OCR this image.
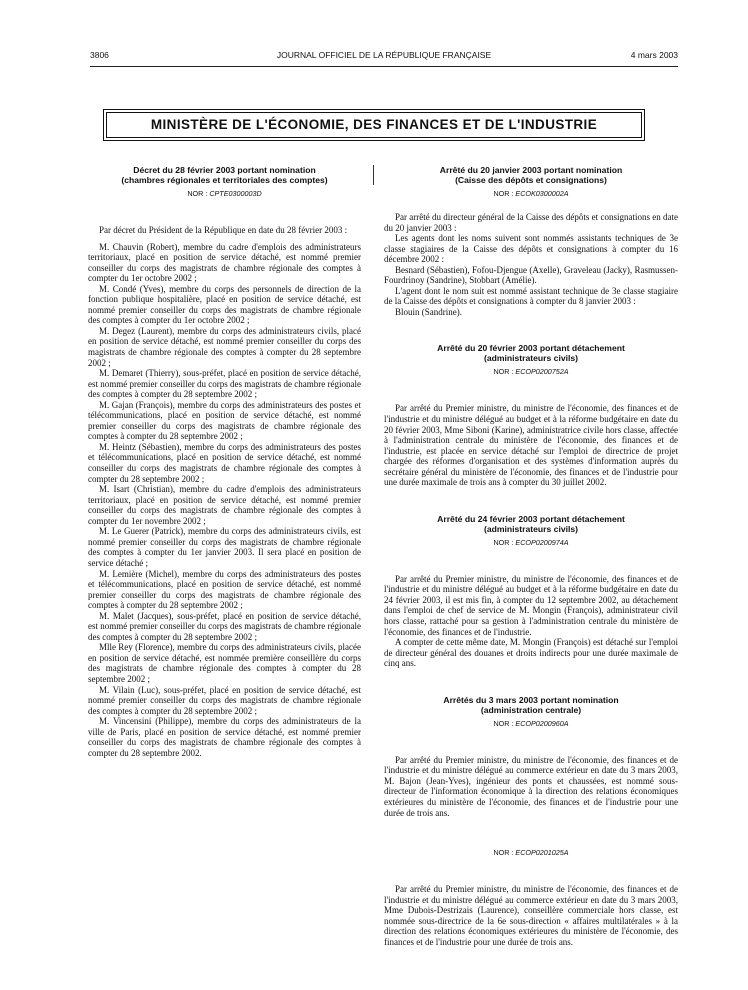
3806	JOURNAL OFFICIEL DE LA RÉPUBLIQUE FRANÇAISE	4 mars 2003
MINISTÈRE DE L'ÉCONOMIE, DES FINANCES ET DE L'INDUSTRIE
Décret du 28 février 2003 portant nomination
(chambres régionales et territoriales des comptes)
NOR : CPTE0300003D

Par décret du Président de la République en date du 28 février 2003 :

M. Chauvin (Robert), membre du cadre d'emplois des administrateurs territoriaux, placé en position de service détaché, est nommé premier conseiller du corps des magistrats de chambre régionale des comptes à compter du 1er octobre 2002 ;

M. Condé (Yves), membre du corps des personnels de direction de la fonction publique hospitalière, placé en position de service détaché, est nommé premier conseiller du corps des magistrats de chambre régionale des comptes à compter du 1er octobre 2002 ;

M. Degez (Laurent), membre du corps des administrateurs civils, placé en position de service détaché, est nommé premier conseiller du corps des magistrats de chambre régionale des comptes à compter du 28 septembre 2002 ;

M. Demaret (Thierry), sous-préfet, placé en position de service détaché, est nommé premier conseiller du corps des magistrats de chambre régionale des comptes à compter du 28 septembre 2002 ;

M. Gajan (François), membre du corps des administrateurs des postes et télécommunications, placé en position de service détaché, est nommé premier conseiller du corps des magistrats de chambre régionale des comptes à compter du 28 septembre 2002 ;

M. Heintz (Sébastien), membre du corps des administrateurs des postes et télécommunications, placé en position de service détaché, est nommé conseiller du corps des magistrats de chambre régionale des comptes à compter du 28 septembre 2002 ;

M. Isart (Christian), membre du cadre d'emplois des administrateurs territoriaux, placé en position de service détaché, est nommé premier conseiller du corps des magistrats de chambre régionale des comptes à compter du 1er novembre 2002 ;

M. Le Guerer (Patrick), membre du corps des administrateurs civils, est nommé premier conseiller du corps des magistrats de chambre régionale des comptes à compter du 1er janvier 2003. Il sera placé en position de service détaché ;

M. Lemière (Michel), membre du corps des administrateurs des postes et télécommunications, placé en position de service détaché, est nommé premier conseiller du corps des magistrats de chambre régionale des comptes à compter du 28 septembre 2002 ;

M. Malet (Jacques), sous-préfet, placé en position de service détaché, est nommé premier conseiller du corps des magistrats de chambre régionale des comptes à compter du 28 septembre 2002 ;

Mlle Rey (Florence), membre du corps des administrateurs civils, placée en position de service détaché, est nommée première conseillère du corps des magistrats de chambre régionale des comptes à compter du 28 septembre 2002 ;

M. Vilain (Luc), sous-préfet, placé en position de service détaché, est nommé premier conseiller du corps des magistrats de chambre régionale des comptes à compter du 28 septembre 2002 ;

M. Vincensini (Philippe), membre du corps des administrateurs de la ville de Paris, placé en position de service détaché, est nommé premier conseiller du corps des magistrats de chambre régionale des comptes à compter du 28 septembre 2002.

Arrêté du 20 janvier 2003 portant nomination
(Caisse des dépôts et consignations)
NOR : ECOK0300002A

Par arrêté du directeur général de la Caisse des dépôts et consignations en date du 20 janvier 2003 :

Les agents dont les noms suivent sont nommés assistants techniques de 3e classe stagiaires de la Caisse des dépôts et consignations à compter du 16 décembre 2002 :

Besnard (Sébastien), Fofou-Djengue (Axelle), Graveleau (Jacky), Rasmussen-Fourdrinoy (Sandrine), Stobbart (Amélie).

L'agent dont le nom suit est nommé assistant technique de 3e classe stagiaire de la Caisse des dépôts et consignations à compter du 8 janvier 2003 :

Blouin (Sandrine).

Arrêté du 20 février 2003 portant détachement
(administrateurs civils)
NOR : ECOP0200752A

Par arrêté du Premier ministre, du ministre de l'économie, des finances et de l'industrie et du ministre délégué au budget et à la réforme budgétaire en date du 20 février 2003, Mme Siboni (Karine), administratrice civile hors classe, affectée à l'administration centrale du ministère de l'économie, des finances et de l'industrie, est placée en service détaché sur l'emploi de directrice de projet chargée des réformes d'organisation et des systèmes d'information auprès du secrétaire général du ministère de l'économie, des finances et de l'industrie pour une durée maximale de trois ans à compter du 30 juillet 2002.

Arrêté du 24 février 2003 portant détachement
(administrateurs civils)
NOR : ECOP0200974A

Par arrêté du Premier ministre, du ministre de l'économie, des finances et de l'industrie et du ministre délégué au budget et à la réforme budgétaire en date du 24 février 2003, il est mis fin, à compter du 12 septembre 2002, au détachement dans l'emploi de chef de service de M. Mongin (François), administrateur civil hors classe, rattaché pour sa gestion à l'administration centrale du ministère de l'économie, des finances et de l'industrie.

A compter de cette même date, M. Mongin (François) est détaché sur l'emploi de directeur général des douanes et droits indirects pour une durée maximale de cinq ans.

Arrêtés du 3 mars 2003 portant nomination
(administration centrale)
NOR : ECOP0200960A

Par arrêté du Premier ministre, du ministre de l'économie, des finances et de l'industrie et du ministre délégué au commerce extérieur en date du 3 mars 2003, M. Bajon (Jean-Yves), ingénieur des ponts et chaussées, est nommé sous-directeur de l'information économique à la direction des relations économiques extérieures du ministère de l'économie, des finances et de l'industrie pour une durée de trois ans.

NOR : ECOP0201025A

Par arrêté du Premier ministre, du ministre de l'économie, des finances et de l'industrie et du ministre délégué au commerce extérieur en date du 3 mars 2003, Mme Dubois-Destrizais (Laurence), conseillère commerciale hors classe, est nommée sous-directrice de la 6e sous-direction « affaires multilatérales » à la direction des relations économiques extérieures du ministère de l'économie, des finances et de l'industrie pour une durée de trois ans.
